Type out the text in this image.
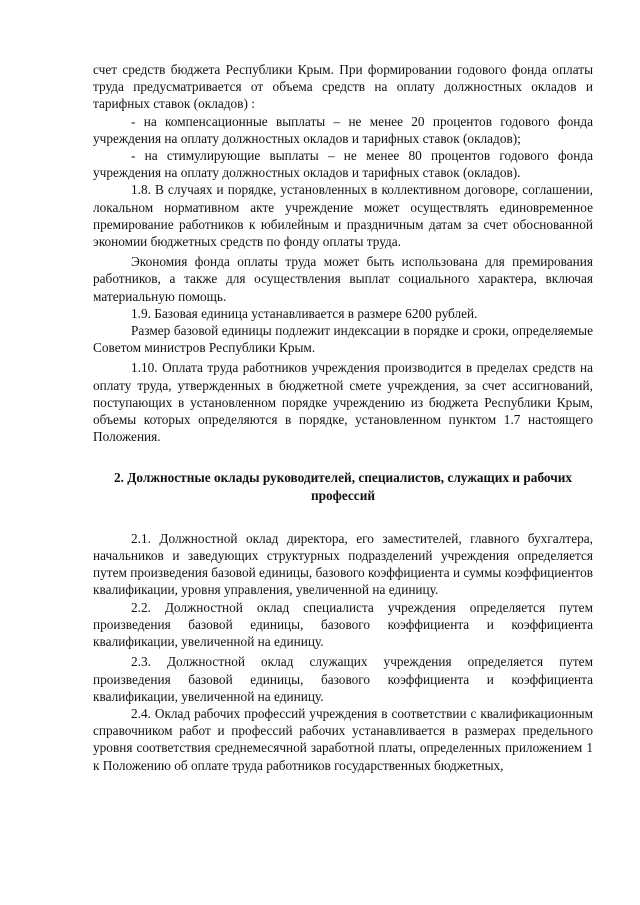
счет средств бюджета Республики Крым. При формировании годового фонда оплаты труда предусматривается от объема средств на оплату должностных окладов и тарифных ставок (окладов) :

- на компенсационные выплаты – не менее 20 процентов годового фонда учреждения на оплату должностных окладов и тарифных ставок (окладов);

- на стимулирующие выплаты – не менее 80 процентов годового фонда учреждения на оплату должностных окладов и тарифных ставок (окладов).

1.8. В случаях и порядке, установленных в коллективном договоре, соглашении, локальном нормативном акте учреждение может осуществлять единовременное премирование работников к юбилейным и праздничным датам за счет обоснованной экономии бюджетных средств по фонду оплаты труда.

Экономия фонда оплаты труда может быть использована для премирования работников, а также для осуществления выплат социального характера, включая материальную помощь.

1.9. Базовая единица устанавливается в размере 6200 рублей.

Размер базовой единицы подлежит индексации в порядке и сроки, определяемые Советом министров Республики Крым.

1.10. Оплата труда работников учреждения производится в пределах средств на оплату труда, утвержденных в бюджетной смете учреждения, за счет ассигнований, поступающих в установленном порядке учреждению из бюджета Республики Крым, объемы которых определяются в порядке, установленном пунктом 1.7 настоящего Положения.

2. Должностные оклады руководителей, специалистов, служащих и рабочих профессий

2.1. Должностной оклад директора, его заместителей, главного бухгалтера, начальников и заведующих структурных подразделений учреждения определяется путем произведения базовой единицы, базового коэффициента и суммы коэффициентов квалификации, уровня управления, увеличенной на единицу.

2.2. Должностной оклад специалиста учреждения определяется путем произведения базовой единицы, базового коэффициента и коэффициента квалификации, увеличенной на единицу.

2.3. Должностной оклад служащих учреждения определяется путем произведения базовой единицы, базового коэффициента и коэффициента квалификации, увеличенной на единицу.

2.4. Оклад рабочих профессий учреждения в соответствии с квалификационным справочником работ и профессий рабочих устанавливается в размерах предельного уровня соответствия среднемесячной заработной платы, определенных приложением 1 к Положению об оплате труда работников государственных бюджетных,
